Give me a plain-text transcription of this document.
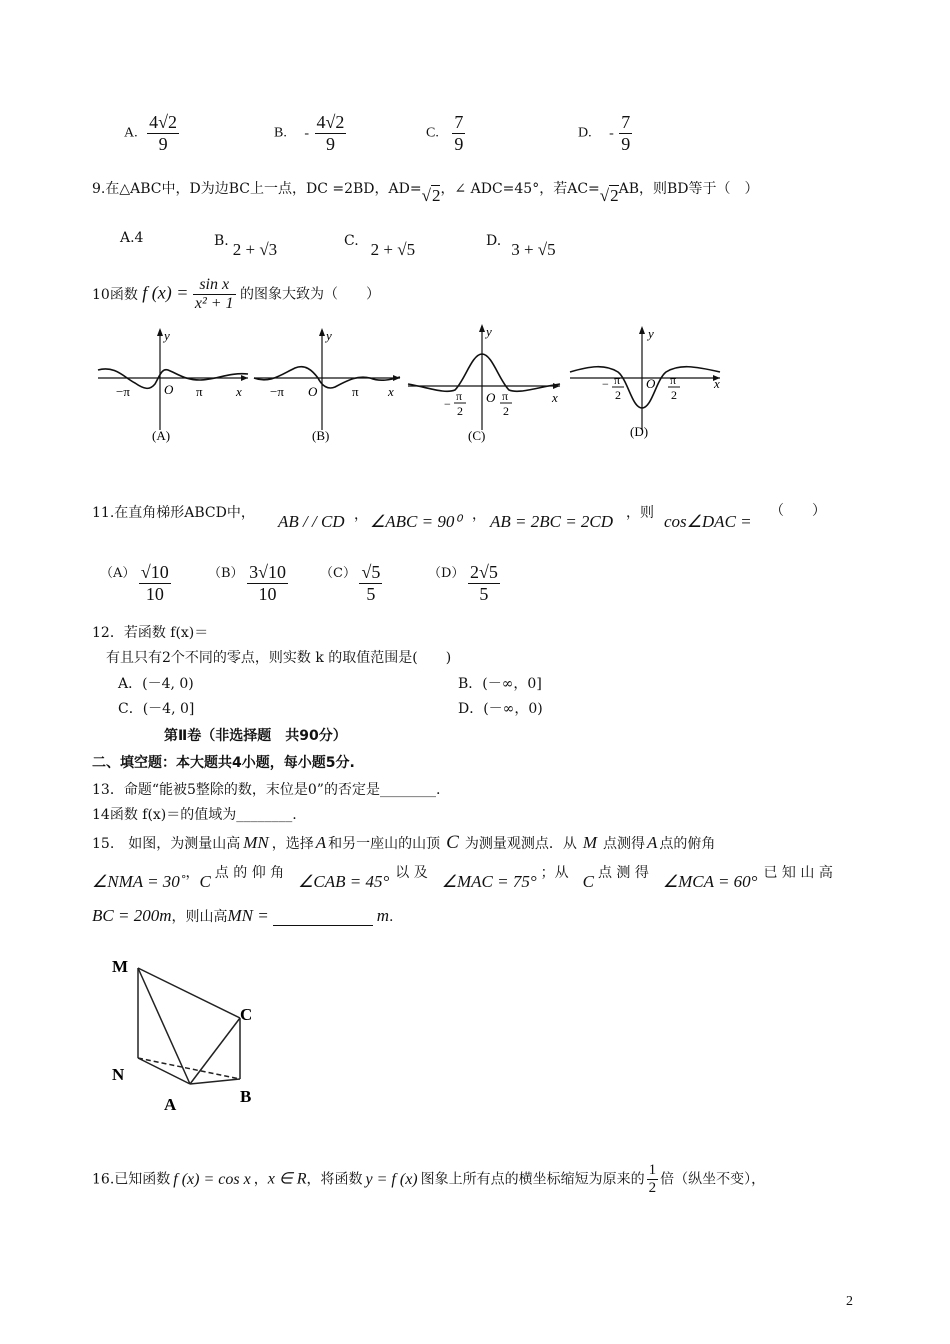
A. $\frac{4√2}{9}$	B. - $\frac{4√2}{9}$	C. $\frac{7}{9}$	D. - $\frac{7}{9}$
9.在△ABC中，D为边BC上一点，DC =2BD，AD=√2，∠ ADC=45°，若AC=√2AB，则BD等于（　）
A.4	B. 2 + √3	C. 2 + √5	D. 3 + √5
10函数 f $(x) = \frac{\text{sin x}}{\text{x² + 1}}$ 的图象大致为（　　）
y
x
O
−π	π
(A)
y
x
O
−π	π
(B)
y
x
O
−
π
2
π
2
(C)
y
x
O
− π
2
π
2
(D)
11.在直角梯形ABCD中， AB / / CD ， ∠ABC = 90⁰ ， AB = 2BC = 2CD ，则 cos∠DAC =
（　　）
$(A) \frac{√10}{10}$	$(B) \frac{3√10}{10} (C) \frac{√5}{5}$	$(D) \frac{2√5}{5}$
12．若函数 f(x)＝
有且只有2个不同的零点，则实数 k 的取值范围是(　　)
A．(－4, 0)	B．(－∞，0]
C．(－4, 0]	D．(－∞，0)
第Ⅱ卷（非选择题　共90分）
二、填空题：本大题共4小题，每小题5分.
13．命题“能被5整除的数，末位是0”的否定是________.
14函数 f(x)＝的值域为________.
15.　如图，为测量山高 MN ，选择 A 和另一座山的山顶 C 为测量观测点．从 M 点测得 A 点的俯角
∠NMA = 30˚，C 点 的 仰 角 ∠CAB = 45° 以 及 ∠MAC = 75° ；从 C 点 测 得 ∠MCA = 60° 已 知 山 高
BC = 200m，则山高MN =	m.
M
N
A	B
C
16.已知函数 f (x) = cos x ，x ∈ R，将函数 y = f (x) 图象上所有点的横坐标缩短为原来的 $\frac{1}{2}$ 倍（纵坐不变），
2
